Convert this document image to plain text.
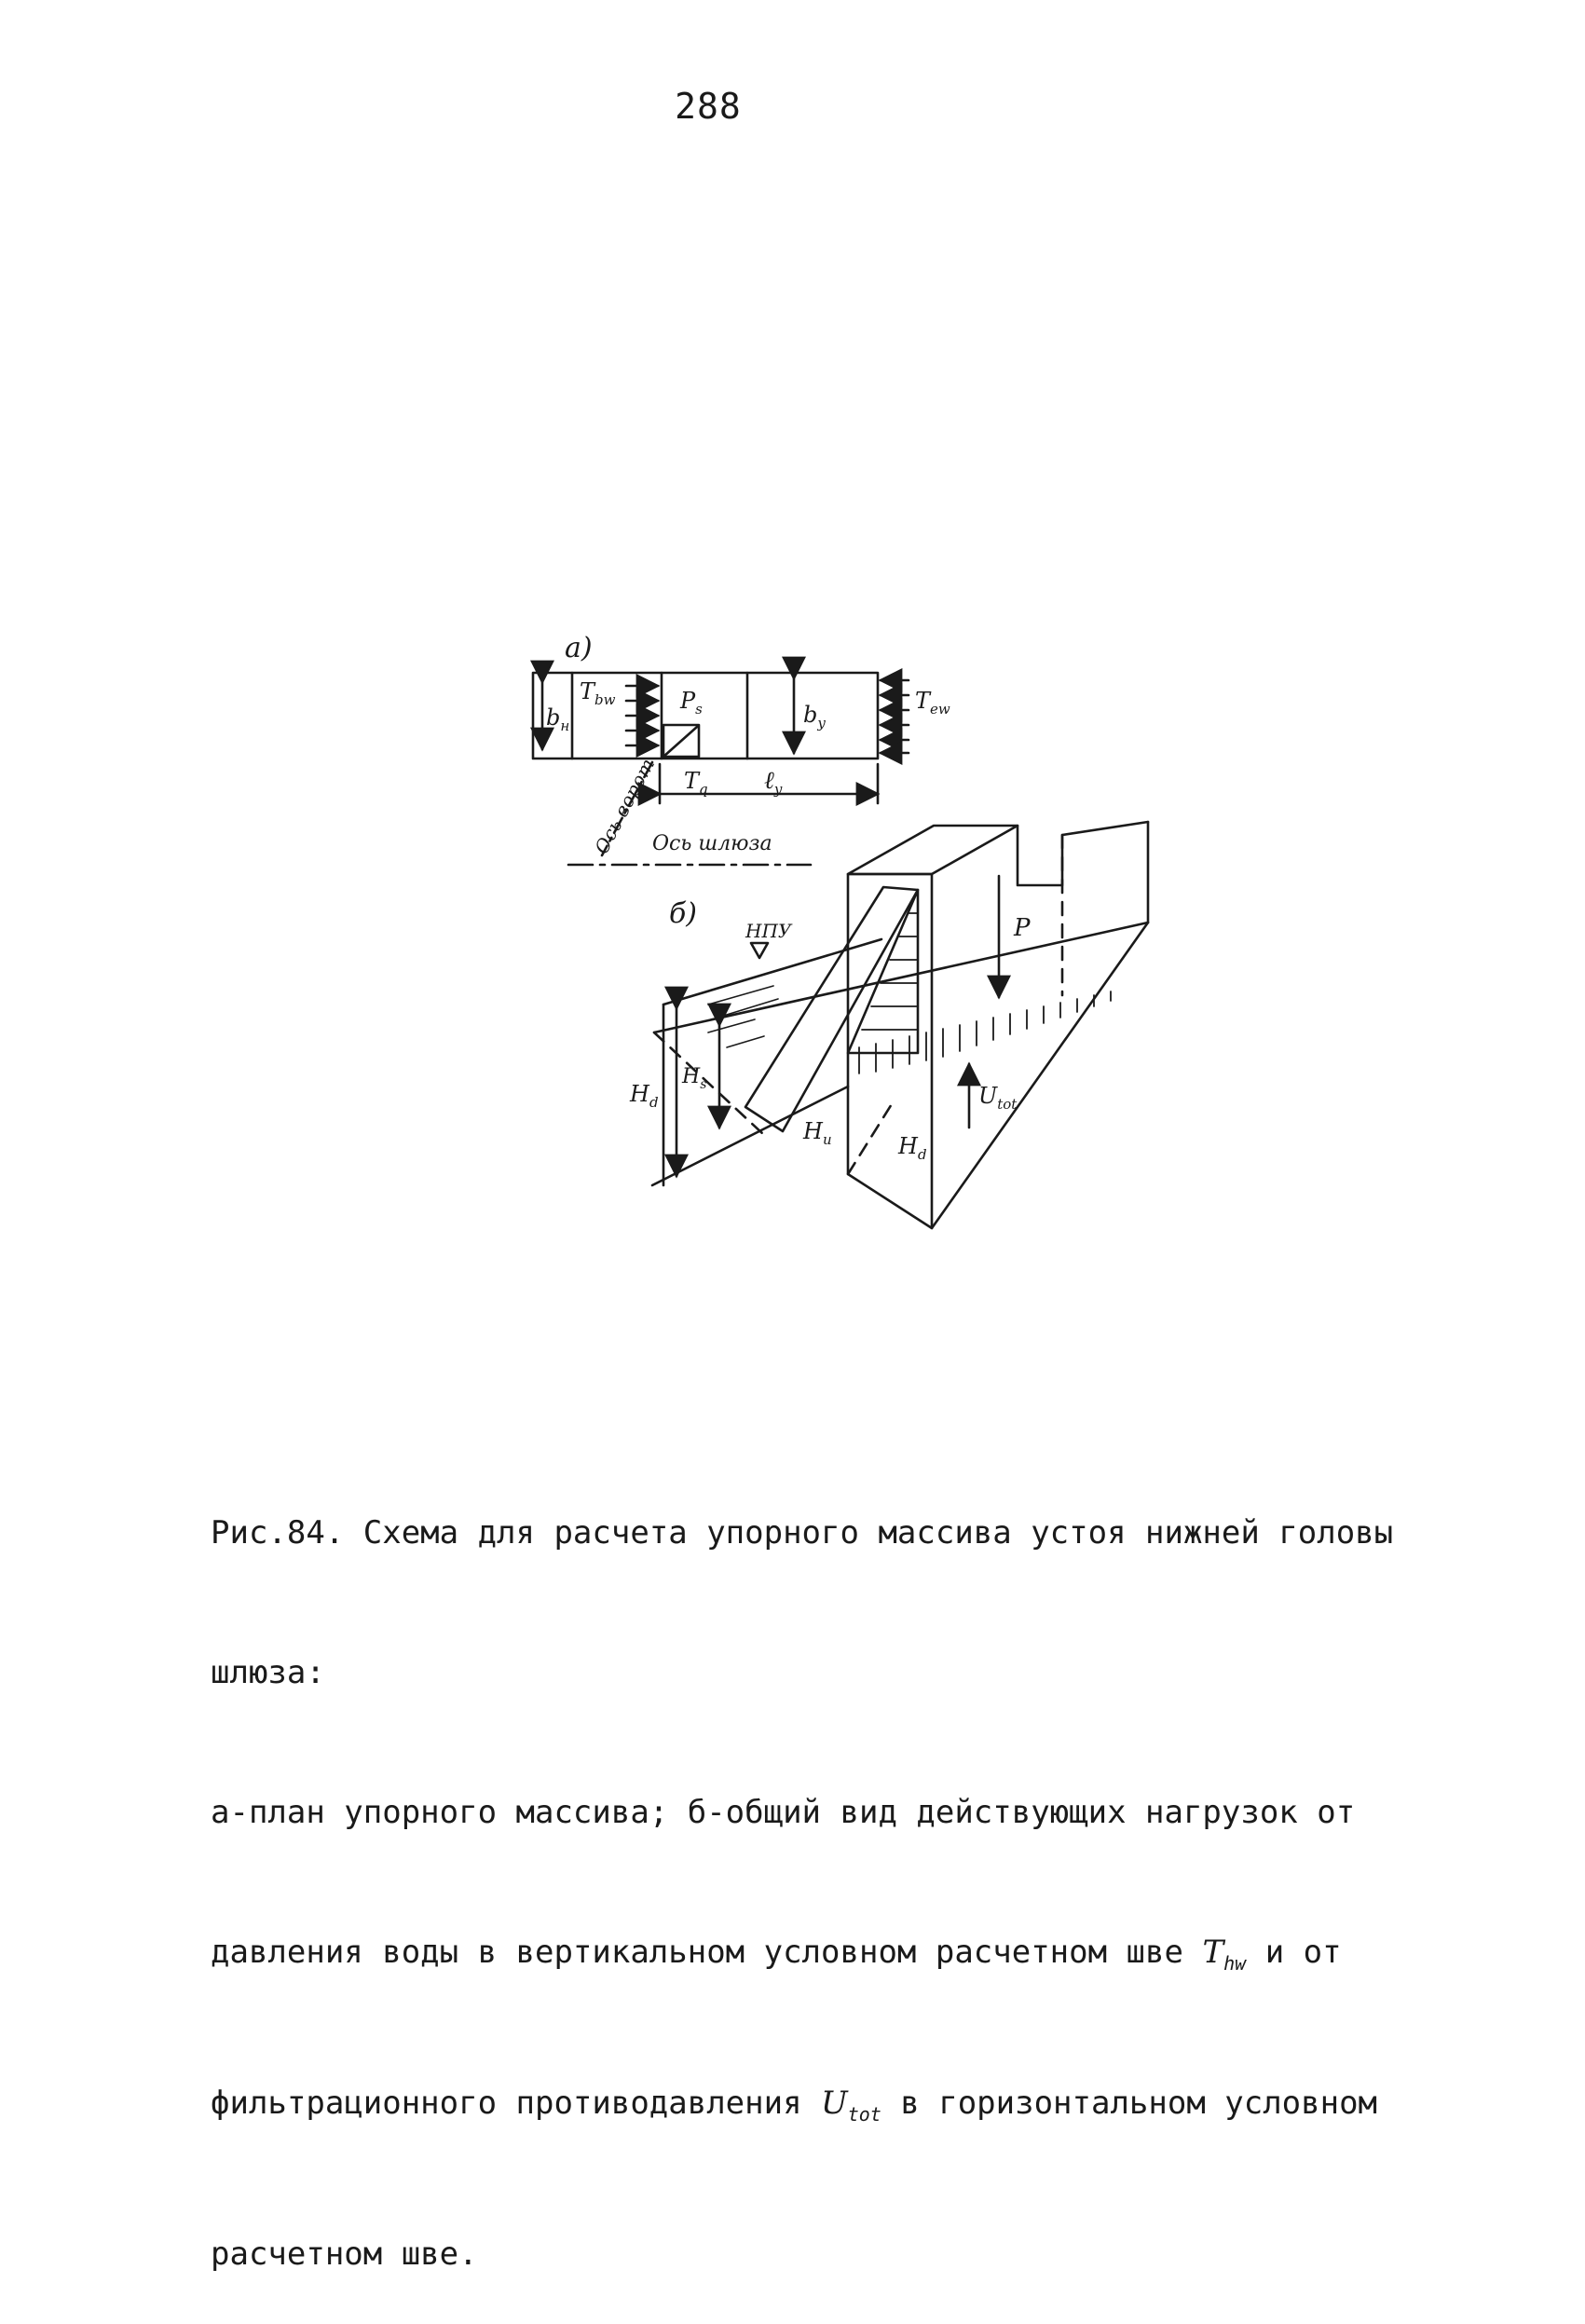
288
а)
$b_н$
$T_{bw}$	$P_s$	$b_y$
$T_{ew}$
$T_q$ ℓ$_y$
Ось ворот
Ось шлюза
б)
НПУ	P
$H_d$
$H_s$
$H_u$	$H_d$
$U_{tot}$

Рис.84. Схема для расчета упорного массива устоя нижней головы

шлюза:

а-план упорного массива; б-общий вид действующих нагрузок от

давления воды в вертикальном условном расчетном шве $T_{hw}$ и от

фильтрационного противодавления $U_{tot}$ в горизонтальном условном

расчетном шве.
